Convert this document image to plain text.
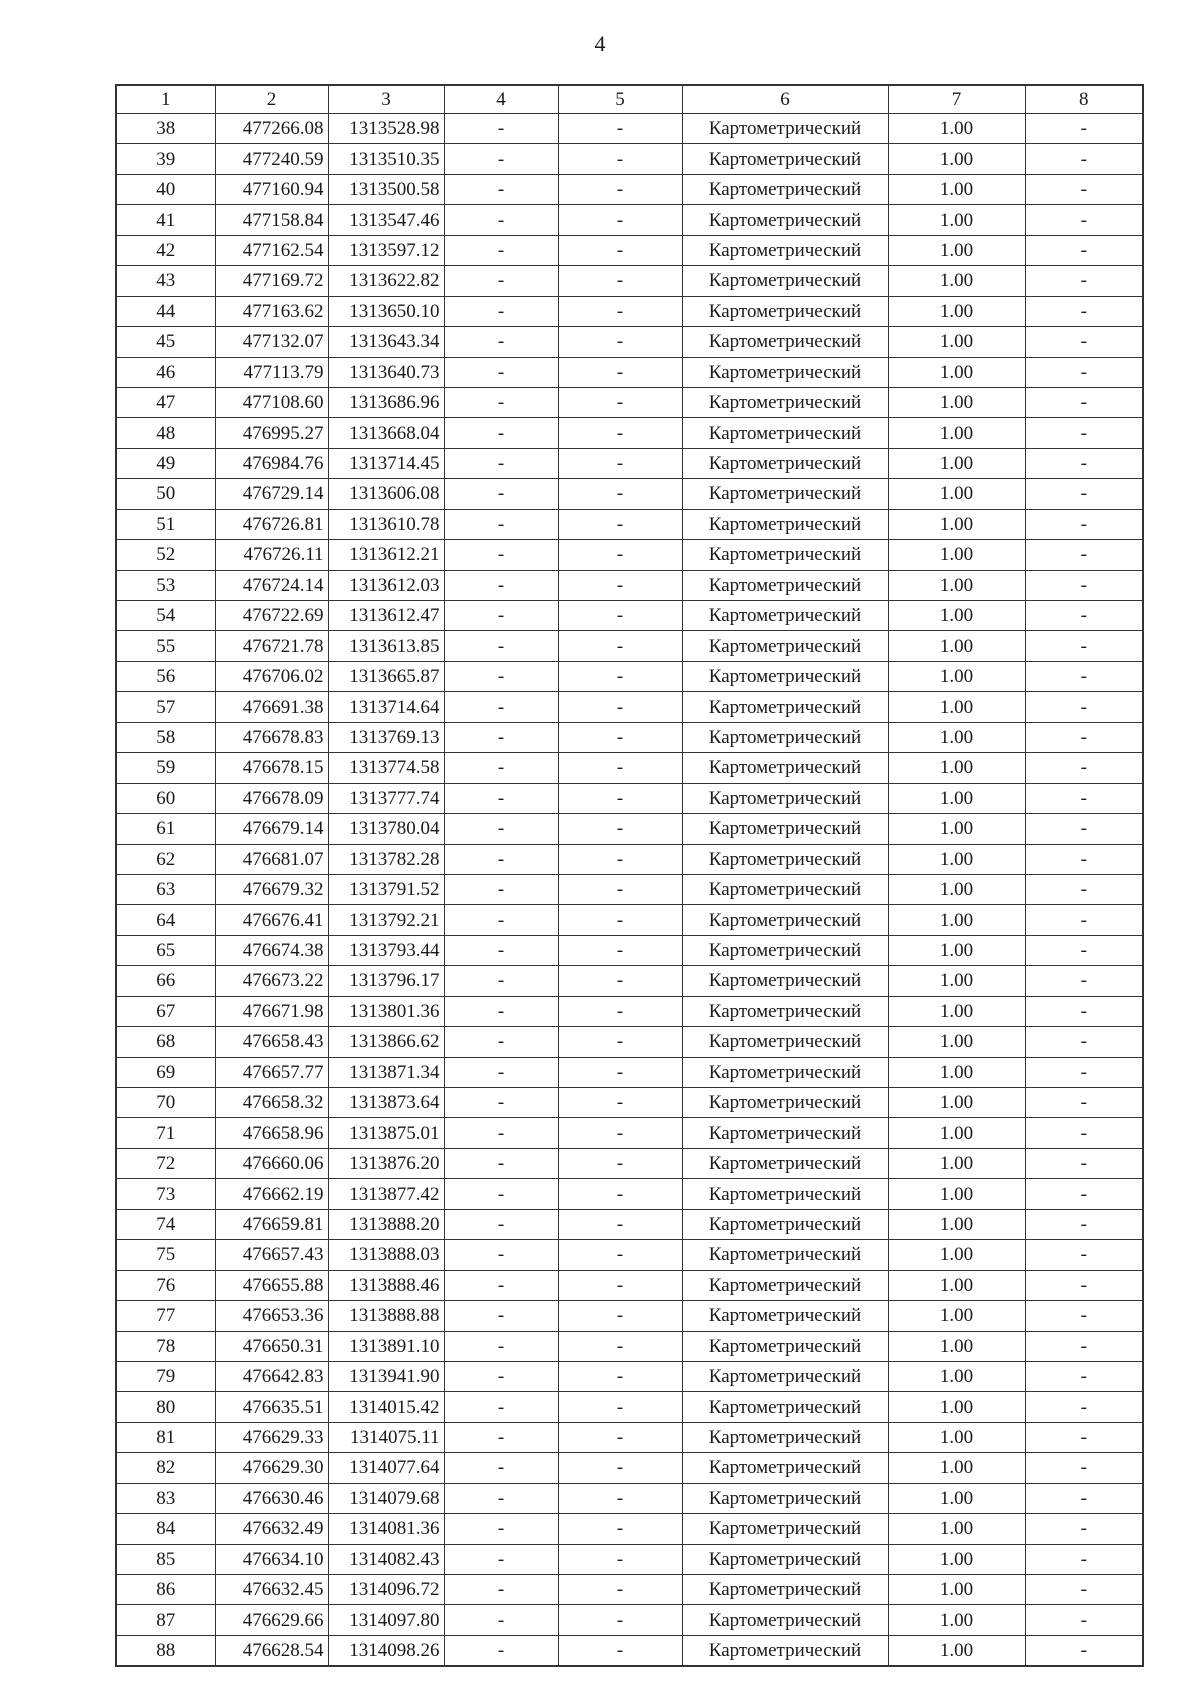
4
1	2	3	4	5	6	7	8
38	477266.08	1313528.98	-	-	Картометрический	1.00	-
39	477240.59	1313510.35	-	-	Картометрический	1.00	-
40	477160.94	1313500.58	-	-	Картометрический	1.00	-
41	477158.84	1313547.46	-	-	Картометрический	1.00	-
42	477162.54	1313597.12	-	-	Картометрический	1.00	-
43	477169.72	1313622.82	-	-	Картометрический	1.00	-
44	477163.62	1313650.10	-	-	Картометрический	1.00	-
45	477132.07	1313643.34	-	-	Картометрический	1.00	-
46	477113.79	1313640.73	-	-	Картометрический	1.00	-
47	477108.60	1313686.96	-	-	Картометрический	1.00	-
48	476995.27	1313668.04	-	-	Картометрический	1.00	-
49	476984.76	1313714.45	-	-	Картометрический	1.00	-
50	476729.14	1313606.08	-	-	Картометрический	1.00	-
51	476726.81	1313610.78	-	-	Картометрический	1.00	-
52	476726.11	1313612.21	-	-	Картометрический	1.00	-
53	476724.14	1313612.03	-	-	Картометрический	1.00	-
54	476722.69	1313612.47	-	-	Картометрический	1.00	-
55	476721.78	1313613.85	-	-	Картометрический	1.00	-
56	476706.02	1313665.87	-	-	Картометрический	1.00	-
57	476691.38	1313714.64	-	-	Картометрический	1.00	-
58	476678.83	1313769.13	-	-	Картометрический	1.00	-
59	476678.15	1313774.58	-	-	Картометрический	1.00	-
60	476678.09	1313777.74	-	-	Картометрический	1.00	-
61	476679.14	1313780.04	-	-	Картометрический	1.00	-
62	476681.07	1313782.28	-	-	Картометрический	1.00	-
63	476679.32	1313791.52	-	-	Картометрический	1.00	-
64	476676.41	1313792.21	-	-	Картометрический	1.00	-
65	476674.38	1313793.44	-	-	Картометрический	1.00	-
66	476673.22	1313796.17	-	-	Картометрический	1.00	-
67	476671.98	1313801.36	-	-	Картометрический	1.00	-
68	476658.43	1313866.62	-	-	Картометрический	1.00	-
69	476657.77	1313871.34	-	-	Картометрический	1.00	-
70	476658.32	1313873.64	-	-	Картометрический	1.00	-
71	476658.96	1313875.01	-	-	Картометрический	1.00	-
72	476660.06	1313876.20	-	-	Картометрический	1.00	-
73	476662.19	1313877.42	-	-	Картометрический	1.00	-
74	476659.81	1313888.20	-	-	Картометрический	1.00	-
75	476657.43	1313888.03	-	-	Картометрический	1.00	-
76	476655.88	1313888.46	-	-	Картометрический	1.00	-
77	476653.36	1313888.88	-	-	Картометрический	1.00	-
78	476650.31	1313891.10	-	-	Картометрический	1.00	-
79	476642.83	1313941.90	-	-	Картометрический	1.00	-
80	476635.51	1314015.42	-	-	Картометрический	1.00	-
81	476629.33	1314075.11	-	-	Картометрический	1.00	-
82	476629.30	1314077.64	-	-	Картометрический	1.00	-
83	476630.46	1314079.68	-	-	Картометрический	1.00	-
84	476632.49	1314081.36	-	-	Картометрический	1.00	-
85	476634.10	1314082.43	-	-	Картометрический	1.00	-
86	476632.45	1314096.72	-	-	Картометрический	1.00	-
87	476629.66	1314097.80	-	-	Картометрический	1.00	-
88	476628.54	1314098.26	-	-	Картометрический	1.00	-
